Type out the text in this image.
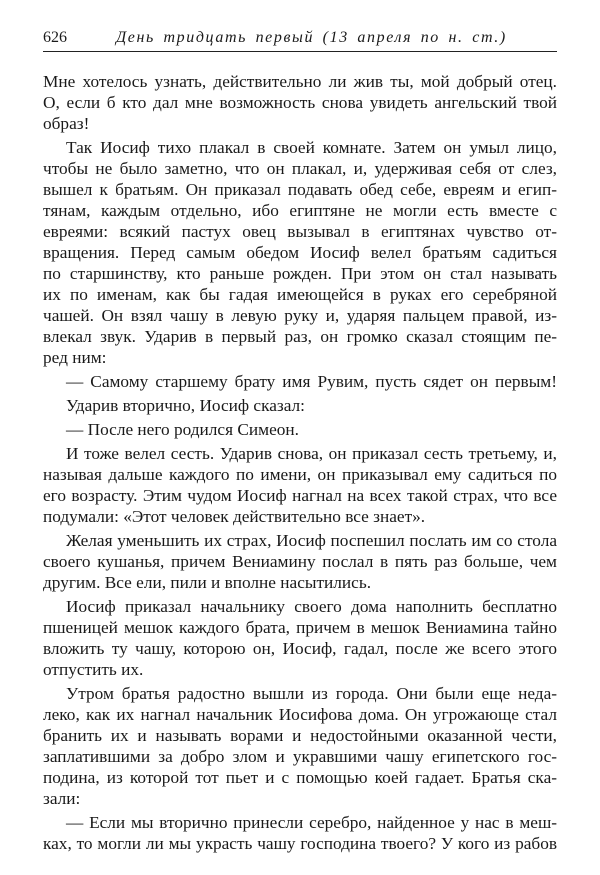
626	День тридцать первый (13 апреля по н. ст.)
Мне хотелось узнать, действительно ли жив ты, мой добрый отец.
О, если б кто дал мне возможность снова увидеть ангельский твой
образ!
Так Иосиф тихо плакал в своей комнате. Затем он умыл лицо,
чтобы не было заметно, что он плакал, и, удерживая себя от слез,
вышел к братьям. Он приказал подавать обед себе, евреям и егип-
тянам, каждым отдельно, ибо египтяне не могли есть вместе с
евреями: всякий пастух овец вызывал в египтянах чувство от-
вращения. Перед самым обедом Иосиф велел братьям садиться
по старшинству, кто раньше рожден. При этом он стал называть
их по именам, как бы гадая имеющейся в руках его серебряной
чашей. Он взял чашу в левую руку и, ударяя пальцем правой, из-
влекал звук. Ударив в первый раз, он громко сказал стоящим пе-
ред ним:
— Самому старшему брату имя Рувим, пусть сядет он первым!
Ударив вторично, Иосиф сказал:
— После него родился Симеон.
И тоже велел сесть. Ударив снова, он приказал сесть третьему, и,
называя дальше каждого по имени, он приказывал ему садиться по
его возрасту. Этим чудом Иосиф нагнал на всех такой страх, что все
подумали: «Этот человек действительно все знает».
Желая уменьшить их страх, Иосиф поспешил послать им со стола
своего кушанья, причем Вениамину послал в пять раз больше, чем
другим. Все ели, пили и вполне насытились.
Иосиф приказал начальнику своего дома наполнить бесплатно
пшеницей мешок каждого брата, причем в мешок Вениамина тайно
вложить ту чашу, которою он, Иосиф, гадал, после же всего этого
отпустить их.
Утром братья радостно вышли из города. Они были еще неда-
леко, как их нагнал начальник Иосифова дома. Он угрожающе стал
бранить их и называть ворами и недостойными оказанной чести,
заплатившими за добро злом и укравшими чашу египетского гос-
подина, из которой тот пьет и с помощью коей гадает. Братья ска-
зали:
— Если мы вторично принесли серебро, найденное у нас в меш-
ках, то могли ли мы украсть чашу господина твоего? У кого из рабов
